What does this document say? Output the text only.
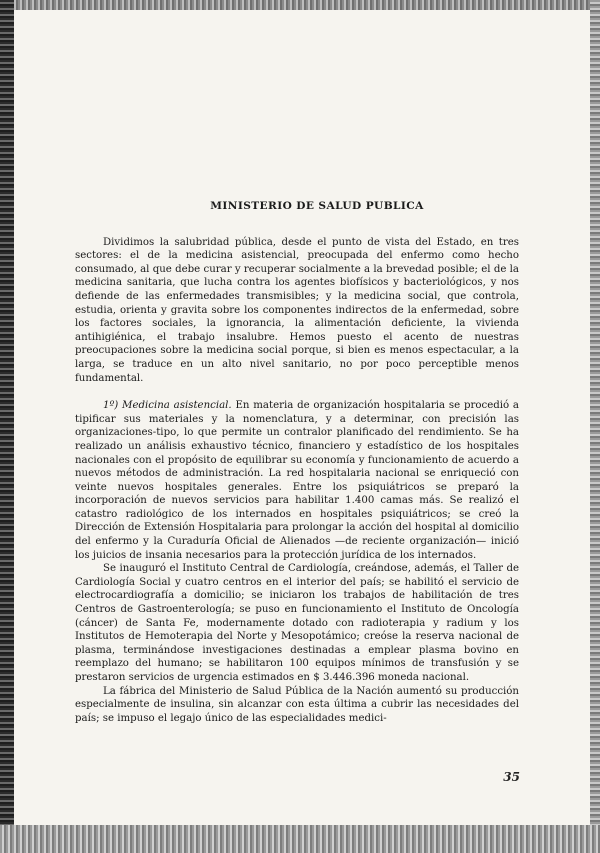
MINISTERIO DE SALUD PUBLICA

Dividimos la salubridad pública, desde el punto de vista del Estado, en tres sectores: el de la medicina asistencial, preocupada del enfermo como hecho consumado, al que debe curar y recuperar socialmente a la brevedad posible; el de la medicina sanitaria, que lucha contra los agentes biofísicos y bacteriológicos, y nos defiende de las enfermedades transmisibles; y la medicina social, que controla, estudia, orienta y gravita sobre los componentes indirectos de la enfermedad, sobre los factores sociales, la ignorancia, la alimentación deficiente, la vivienda antihigiénica, el trabajo insalubre. Hemos puesto el acento de nuestras preocupaciones sobre la medicina social porque, si bien es menos espectacular, a la larga, se traduce en un alto nivel sanitario, no por poco perceptible menos fundamental.

1º) Medicina asistencial. En materia de organización hospitalaria se procedió a tipificar sus materiales y la nomenclatura, y a determinar, con precisión las organizaciones-tipo, lo que permite un contralor planificado del rendimiento. Se ha realizado un análisis exhaustivo técnico, financiero y estadístico de los hospitales nacionales con el propósito de equilibrar su economía y funcionamiento de acuerdo a nuevos métodos de administración. La red hospitalaria nacional se enriqueció con veinte nuevos hospitales generales. Entre los psiquiátricos se preparó la incorporación de nuevos servicios para habilitar 1.400 camas más. Se realizó el catastro radiológico de los internados en hospitales psiquiátricos; se creó la Dirección de Extensión Hospitalaria para prolongar la acción del hospital al domicilio del enfermo y la Curaduría Oficial de Alienados —de reciente organización— inició los juicios de insania necesarios para la protección jurídica de los internados.

Se inauguró el Instituto Central de Cardiología, creándose, además, el Taller de Cardiología Social y cuatro centros en el interior del país; se habilitó el servicio de electrocardiografía a domicilio; se iniciaron los trabajos de habilitación de tres Centros de Gastroenterología; se puso en funcionamiento el Instituto de Oncología (cáncer) de Santa Fe, modernamente dotado con radioterapia y radium y los Institutos de Hemoterapia del Norte y Mesopotámico; creóse la reserva nacional de plasma, terminándose investigaciones destinadas a emplear plasma bovino en reemplazo del humano; se habilitaron 100 equipos mínimos de transfusión y se prestaron servicios de urgencia estimados en $ 3.446.396 moneda nacional.

La fábrica del Ministerio de Salud Pública de la Nación aumentó su producción especialmente de insulina, sin alcanzar con esta última a cubrir las necesidades del país; se impuso el legajo único de las especialidades medici-

35
